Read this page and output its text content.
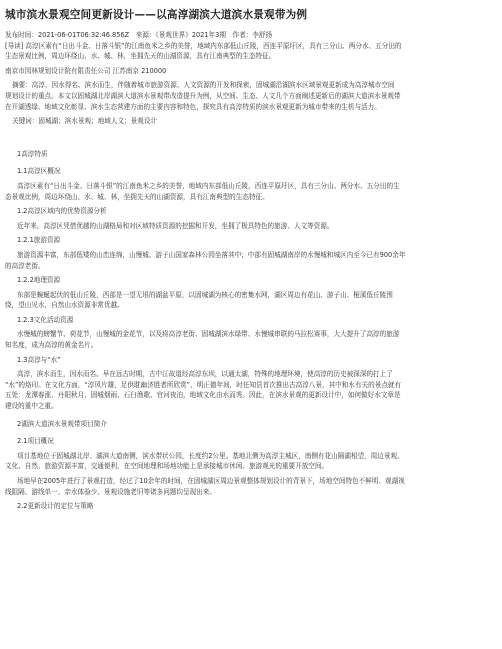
城市滨水景观空间更新设计——以高淳湖滨大道滨水景观带为例

发布时间：2021-06-01T06:32:46.856Z　来源：《景观世界》2021年3期　作者：李舒扬

[导读] 高淳区素有“日出斗金、日落斗银”的江南鱼米之乡的美誉，地域内东部低山丘陵，西连平原圩区，具有三分山、两分水、五分田的

生态景观比例，周边环绕山、水、城、林，坐拥先天的山湖资源，具有江南典型的生态特征。

南京市园林规划设计院有限责任公司 江苏南京 210000

摘要：高淳，因水得名、滨水而生，伴随着城市旅游资源、人文资源的开发和探索，固城湖沿湖滨水区域景观更新成为高淳城市空间

规划设计的重点。本文以固城湖北岸湖滨大道滨水景观带改造提升为例，从空间、生态、人文几个方面阐述更新后的湖滨大道滨水景观带

在开湖透绿、地域文化彰显、滨水生态营建方面的主要内容和特色，探究具有高淳特质的滨水景观更新为城市带来的生机与活力。

关键词：固城湖；滨水景观；地域人文；景观设计

1高淳特质

1.1高淳区概况

高淳区素有“日出斗金、日落斗银”的江南鱼米之乡的美誉，地域内东部低山丘陵，西连平原圩区，具有三分山、两分水、五分田的生

态景观比例，周边环绕山、水、城、林，坐拥先天的山湖资源，具有江南典型的生态特征。

1.2高淳区域内的优势资源分析

近年来，高淳区凭借优越的山湖格局和对区域特质资源的挖掘和开发，坐拥了极具特色的旅游、人文等资源。

1.2.1旅游资源

旅游资源丰富，东部低矮的山峦连绵，山慢城、游子山国家森林公园坐落其中；中部有固城湖南岸的水慢城和城区内至今已有900余年

的高淳老街。

1.2.2地理资源

东部是蜿蜒起伏的低山丘陵，西部是一望无垠的湖盆平原，以固城湖为核心的密集水网，湖区周边有花山、游子山、桠溪低丘陵围

绕，望山见水，自然山水资源非常优越。

1.2.3文化活动资源

水慢城的螃蟹节、荷花节，山慢城的金花节，以及将高淳老街、固城湖滨水绿带、水慢城串联的马拉松赛事，大大提升了高淳的旅游

知名度，成为高淳的黄金名片。

1.3高淳与“水”

高淳，滨水而生，因水而名。早在远古时期，古中江故道经高淳东坝，以通太湖，特殊的地理环境，使高淳的历史被深深的打上了

“水”的烙印。在文化方面，“淳风片雄，足供耽幽济胜者所欣赏”，明正德年间，时任知县首次推出古高淳八景，其中和水有关的景点就有

五处：龙潭春涨、丹阳秋月、固城烟雨、石臼渔歌、官河夜泊，地域文化由水而秀。因此，在滨水景观的更新设计中，如何做好水文章是

建设的重中之重。

2湖滨大道滨水景观带项目简介

2.1项目概况

项目基地位于固城湖北岸、湖滨大道南侧，滨水带状公园，长度约2公里。基地北侧为高淳主城区，南侧有花山隔湖相望，周边景观、

文化、自然、旅游资源丰富，交通便利，在空间地理和场地功能上是承接城市休闲、旅游观光的重要开放空间。

场地早在2005年进行了景观打造，经过了10余年的时间，在固城湖区周边景观整体规划设计的背景下，场地空间特色不鲜明、观湖视

线阻隔、游线单一、亲水体验少、景观设施老旧等诸多问题均呈现出来。

2.2更新设计的定位与策略
